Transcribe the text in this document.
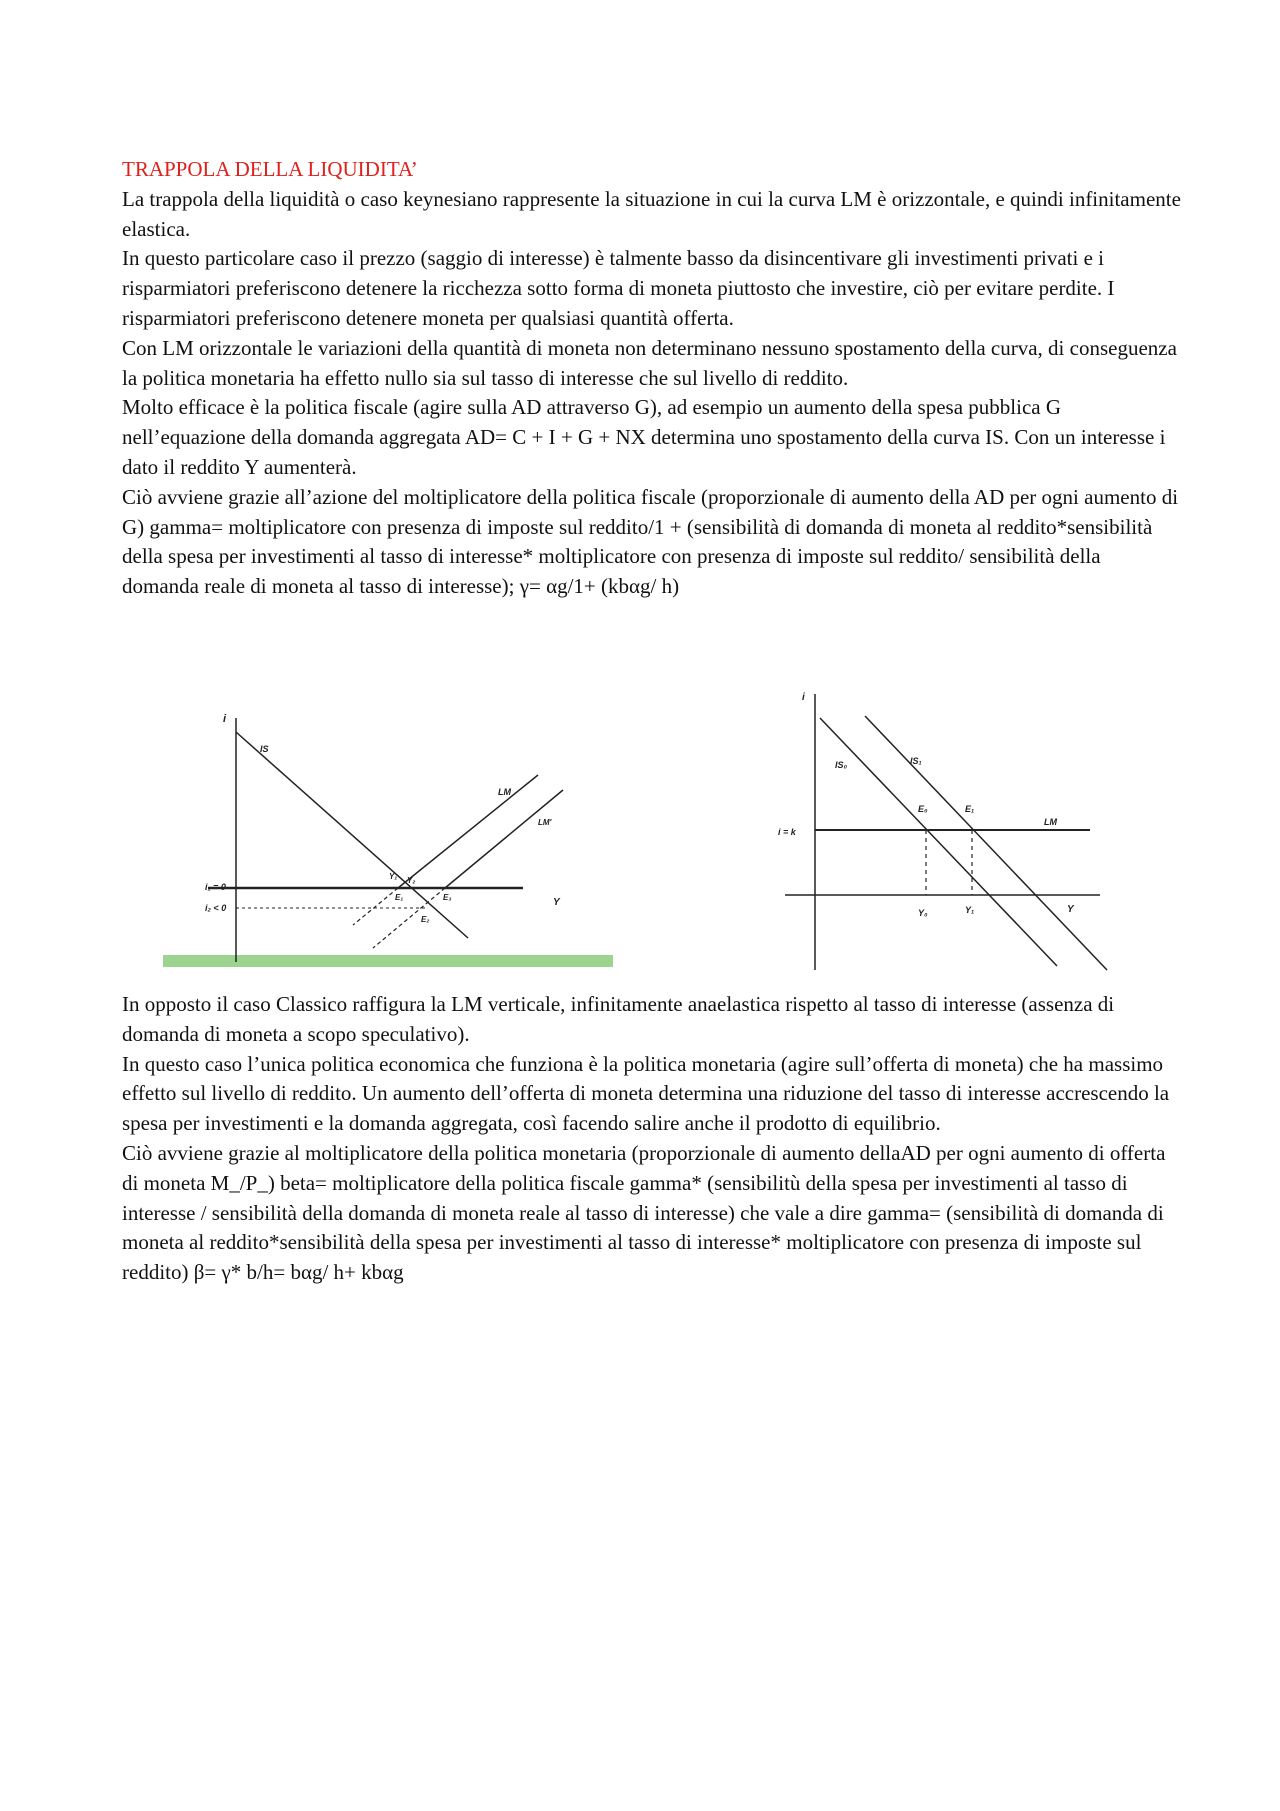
TRAPPOLA DELLA LIQUIDITA’

La trappola della liquidità o caso keynesiano rappresente la situazione in cui la curva LM è orizzontale, e quindi infinitamente elastica.

In questo particolare caso il prezzo (saggio di interesse) è talmente basso da disincentivare gli investimenti privati e i risparmiatori preferiscono detenere la ricchezza sotto forma di moneta piuttosto che investire, ciò per evitare perdite. I risparmiatori preferiscono detenere moneta per qualsiasi quantità offerta.

Con LM orizzontale le variazioni della quantità di moneta non determinano nessuno spostamento della curva, di conseguenza la politica monetaria ha effetto nullo sia sul tasso di interesse che sul livello di reddito.

Molto efficace è la politica fiscale (agire sulla AD attraverso G), ad esempio un aumento della spesa pubblica G nell’equazione della domanda aggregata AD= C + I + G + NX determina uno spostamento della curva IS. Con un interesse i dato il reddito Y aumenterà.

Ciò avviene grazie all’azione del moltiplicatore della politica fiscale (proporzionale di aumento della AD per ogni aumento di G) gamma= moltiplicatore con presenza di imposte sul reddito/1 + (sensibilità di domanda di moneta al reddito*sensibilità della spesa per investimenti al tasso di interesse* moltiplicatore con presenza di imposte sul reddito/ sensibilità della domanda reale di moneta al tasso di interesse); γ= αg/1+ (kbαg/ h)

i
Y
IS
LM
LM'
i₁ = 0
i₂ < 0
Y₁ Y₂
E₁
E₂
E₃
i
Y
LM
i = k
IS₀	IS₁
E₀	E₁
Y₀	Y₁

In opposto il caso Classico raffigura la LM verticale, infinitamente anaelastica rispetto al tasso di interesse (assenza di domanda di moneta a scopo speculativo).

In questo caso l’unica politica economica che funziona è la politica monetaria (agire sull’offerta di moneta) che ha massimo effetto sul livello di reddito. Un aumento dell’offerta di moneta determina una riduzione del tasso di interesse accrescendo la spesa per investimenti e la domanda aggregata, così facendo salire anche il prodotto di equilibrio.

Ciò avviene grazie al moltiplicatore della politica monetaria (proporzionale di aumento dellaAD per ogni aumento di offerta di moneta M_/P_) beta= moltiplicatore della politica fiscale gamma* (sensibilitù della spesa per investimenti al tasso di interesse / sensibilità della domanda di moneta reale al tasso di interesse) che vale a dire gamma= (sensibilità di domanda di moneta al reddito*sensibilità della spesa per investimenti al tasso di interesse* moltiplicatore con presenza di imposte sul reddito) β= γ* b/h= bαg/ h+ kbαg
